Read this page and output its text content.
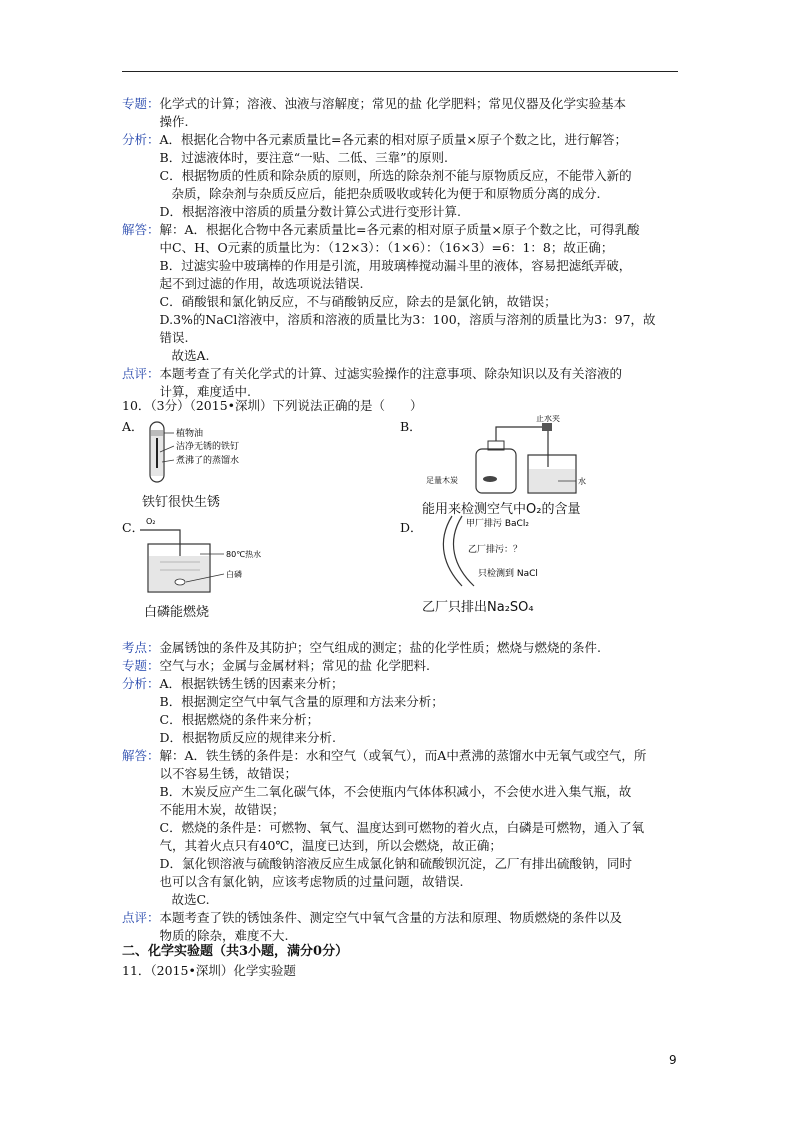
专题： 化学式的计算；溶液、浊液与溶解度；常见的盐 化学肥料；常见仪器及化学实验基本
操作.
分析： A．根据化合物中各元素质量比=各元素的相对原子质量×原子个数之比，进行解答；
B．过滤液体时，要注意“一贴、二低、三靠”的原则.
C．根据物质的性质和除杂质的原则，所选的除杂剂不能与原物质反应，不能带入新的
杂质，除杂剂与杂质反应后，能把杂质吸收或转化为便于和原物质分离的成分.
D．根据溶液中溶质的质量分数计算公式进行变形计算.
解答： 解：A．根据化合物中各元素质量比=各元素的相对原子质量×原子个数之比，可得乳酸
中C、H、O元素的质量比为：（12×3）：（1×6）：（16×3）=6：1：8；故正确；
B．过滤实验中玻璃棒的作用是引流，用玻璃棒搅动漏斗里的液体，容易把滤纸弄破，
起不到过滤的作用，故选项说法错误.
C．硝酸银和氯化钠反应，不与硝酸钠反应，除去的是氯化钠，故错误；
D.3%的NaCl溶液中，溶质和溶液的质量比为3：100，溶质与溶剂的质量比为3：97，故
错误.
故选A.
点评： 本题考查了有关化学式的计算、过滤实验操作的注意事项、除杂知识以及有关溶液的
计算，难度适中.
10．（3分）（2015•深圳）下列说法正确的是（　　）
A．	植物油
洁净无锈的铁钉
煮沸了的蒸馏水
铁钉很快生锈
B．
止水夹
足量木炭	水
能用来检测空气中O₂的含量
C． O₂
80℃热水
白磷
白磷能燃烧
D．	甲厂排污 BaCl₂
乙厂排污：？
只检测到 NaCl
乙厂只排出Na₂SO₄
考点： 金属锈蚀的条件及其防护；空气组成的测定；盐的化学性质；燃烧与燃烧的条件.
专题： 空气与水；金属与金属材料；常见的盐 化学肥料.
分析： A．根据铁锈生锈的因素来分析；
B．根据测定空气中氧气含量的原理和方法来分析；
C．根据燃烧的条件来分析；
D．根据物质反应的规律来分析.
解答： 解：A．铁生锈的条件是：水和空气（或氧气），而A中煮沸的蒸馏水中无氧气或空气，所
以不容易生锈，故错误；
B．木炭反应产生二氧化碳气体，不会使瓶内气体体积减小，不会使水进入集气瓶，故
不能用木炭，故错误；
C．燃烧的条件是：可燃物、氧气、温度达到可燃物的着火点，白磷是可燃物，通入了氧
气，其着火点只有40℃，温度已达到，所以会燃烧，故正确；
D．氯化钡溶液与硫酸钠溶液反应生成氯化钠和硫酸钡沉淀，乙厂有排出硫酸钠，同时
也可以含有氯化钠，应该考虑物质的过量问题，故错误.
故选C.
点评： 本题考查了铁的锈蚀条件、测定空气中氧气含量的方法和原理、物质燃烧的条件以及
物质的除杂，难度不大.
二、化学实验题（共3小题，满分0分）
11．（2015•深圳）化学实验题
9
